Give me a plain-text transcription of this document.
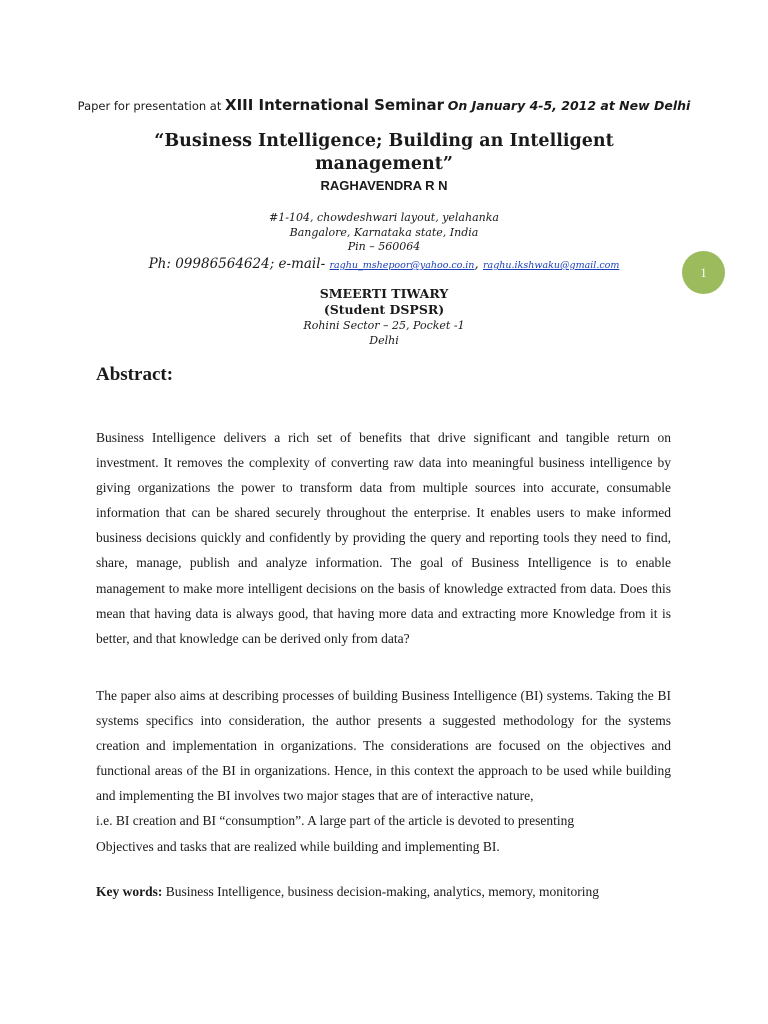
Paper for presentation at XIII International Seminar On January 4-5, 2012 at New Delhi
“Business Intelligence; Building an Intelligent
management”
RAGHAVENDRA R N
#1-104, chowdeshwari layout, yelahanka
Bangalore, Karnataka state, India
Pin – 560064
Ph: 09986564624; e-mail- raghu_mshepoor@yahoo.co.in, raghu.ikshwaku@gmail.com	1
SMEERTI TIWARY
(Student DSPSR)
Rohini Sector – 25, Pocket -1
Delhi
Abstract:
Business Intelligence delivers a rich set of benefits that drive significant and tangible return on investment. It removes the complexity of converting raw data into meaningful business intelligence by giving organizations the power to transform data from multiple sources into accurate, consumable information that can be shared securely throughout the enterprise. It enables users to make informed business decisions quickly and confidently by providing the query and reporting tools they need to find, share, manage, publish and analyze information. The goal of Business Intelligence is to enable management to make more intelligent decisions on the basis of knowledge extracted from data. Does this mean that having data is always good, that having more data and extracting more Knowledge from it is better, and that knowledge can be derived only from data?
The paper also aims at describing processes of building Business Intelligence (BI) systems. Taking the BI systems specifics into consideration, the author presents a suggested methodology for the systems creation and implementation in organizations. The considerations are focused on the objectives and functional areas of the BI in organizations. Hence, in this context the approach to be used while building and implementing the BI involves two major stages that are of interactive nature,
i.e. BI creation and BI “consumption”. A large part of the article is devoted to presenting
Objectives and tasks that are realized while building and implementing BI.
Key words: Business Intelligence, business decision-making, analytics, memory, monitoring
